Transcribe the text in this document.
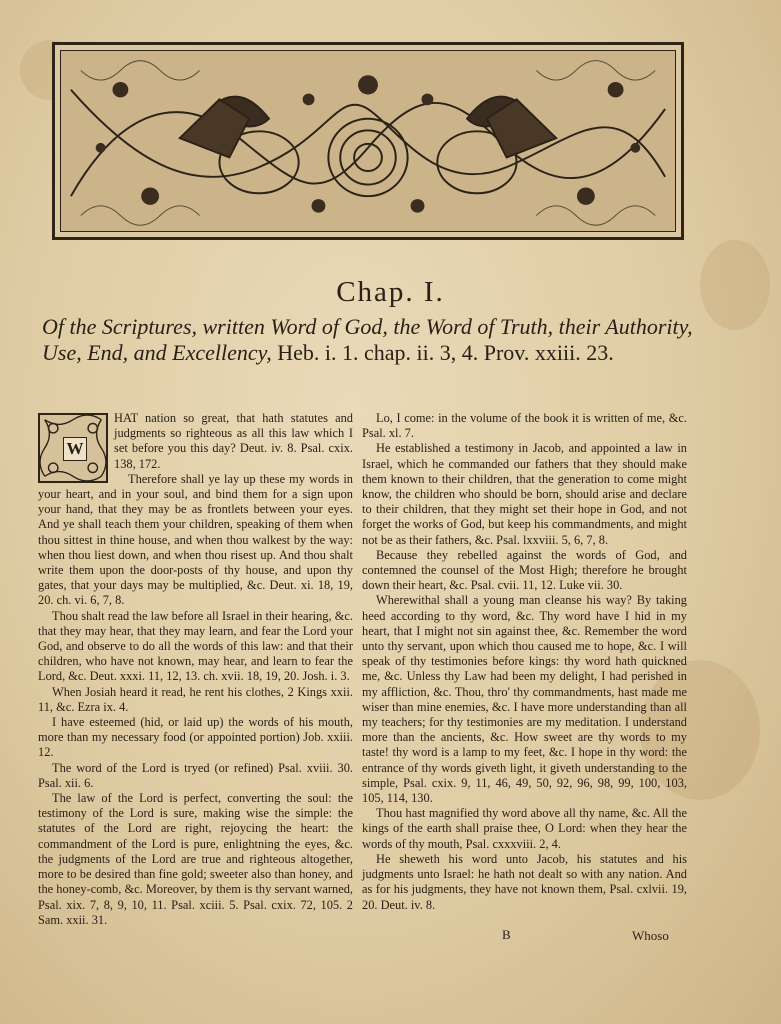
Chap. I.
Of the Scriptures, written Word of God, the Word of Truth, their Authority, Use, End, and Excellency, Heb. i. 1. chap. ii. 3, 4. Prov. xxiii. 23.
W

HAT nation so great, that hath statutes and judgments so righteous as all this law which I set before you this day? Deut. iv. 8. Psal. cxix. 138, 172.

Therefore shall ye lay up these my words in your heart, and in your soul, and bind them for a sign upon your hand, that they may be as frontlets between your eyes. And ye shall teach them your children, speaking of them when thou sittest in thine house, and when thou walkest by the way: when thou liest down, and when thou risest up. And thou shalt write them upon the door-posts of thy house, and upon thy gates, that your days may be multiplied, &c. Deut. xi. 18, 19, 20. ch. vi. 6, 7, 8.

Thou shalt read the law before all Israel in their hearing, &c. that they may hear, that they may learn, and fear the Lord your God, and observe to do all the words of this law: and that their children, who have not known, may hear, and learn to fear the Lord, &c. Deut. xxxi. 11, 12, 13. ch. xvii. 18, 19, 20. Josh. i. 3.

When Josiah heard it read, he rent his clothes, 2 Kings xxii. 11, &c. Ezra ix. 4.

I have esteemed (hid, or laid up) the words of his mouth, more than my necessary food (or appointed portion) Job. xxiii. 12.

The word of the Lord is tryed (or refined) Psal. xviii. 30. Psal. xii. 6.

The law of the Lord is perfect, converting the soul: the testimony of the Lord is sure, making wise the simple: the statutes of the Lord are right, rejoycing the heart: the commandment of the Lord is pure, enlightning the eyes, &c. the judgments of the Lord are true and righteous altogether, more to be desired than fine gold; sweeter also than honey, and the honey-comb, &c. Moreover, by them is thy servant warned, Psal. xix. 7, 8, 9, 10, 11. Psal. xciii. 5. Psal. cxix. 72, 105. 2 Sam. xxii. 31.

Lo, I come: in the volume of the book it is written of me, &c. Psal. xl. 7.

He established a testimony in Jacob, and appointed a law in Israel, which he commanded our fathers that they should make them known to their children, that the generation to come might know, the children who should be born, should arise and declare to their children, that they might set their hope in God, and not forget the works of God, but keep his commandments, and might not be as their fathers, &c. Psal. lxxviii. 5, 6, 7, 8.

Because they rebelled against the words of God, and contemned the counsel of the Most High; therefore he brought down their heart, &c. Psal. cvii. 11, 12. Luke vii. 30.

Wherewithal shall a young man cleanse his way? By taking heed according to thy word, &c. Thy word have I hid in my heart, that I might not sin against thee, &c. Remember the word unto thy servant, upon which thou caused me to hope, &c. I will speak of thy testimonies before kings: thy word hath quickned me, &c. Unless thy Law had been my delight, I had perished in my affliction, &c. Thou, thro' thy commandments, hast made me wiser than mine enemies, &c. I have more understanding than all my teachers; for thy testimonies are my meditation. I understand more than the ancients, &c. How sweet are thy words to my taste! thy word is a lamp to my feet, &c. I hope in thy word: the entrance of thy words giveth light, it giveth understanding to the simple, Psal. cxix. 9, 11, 46, 49, 50, 92, 96, 98, 99, 100, 103, 105, 114, 130.

Thou hast magnified thy word above all thy name, &c. All the kings of the earth shall praise thee, O Lord: when they hear the words of thy mouth, Psal. cxxxviii. 2, 4.

He sheweth his word unto Jacob, his statutes and his judgments unto Israel: he hath not dealt so with any nation. And as for his judgments, they have not known them, Psal. cxlvii. 19, 20. Deut. iv. 8.

B	Whoso
